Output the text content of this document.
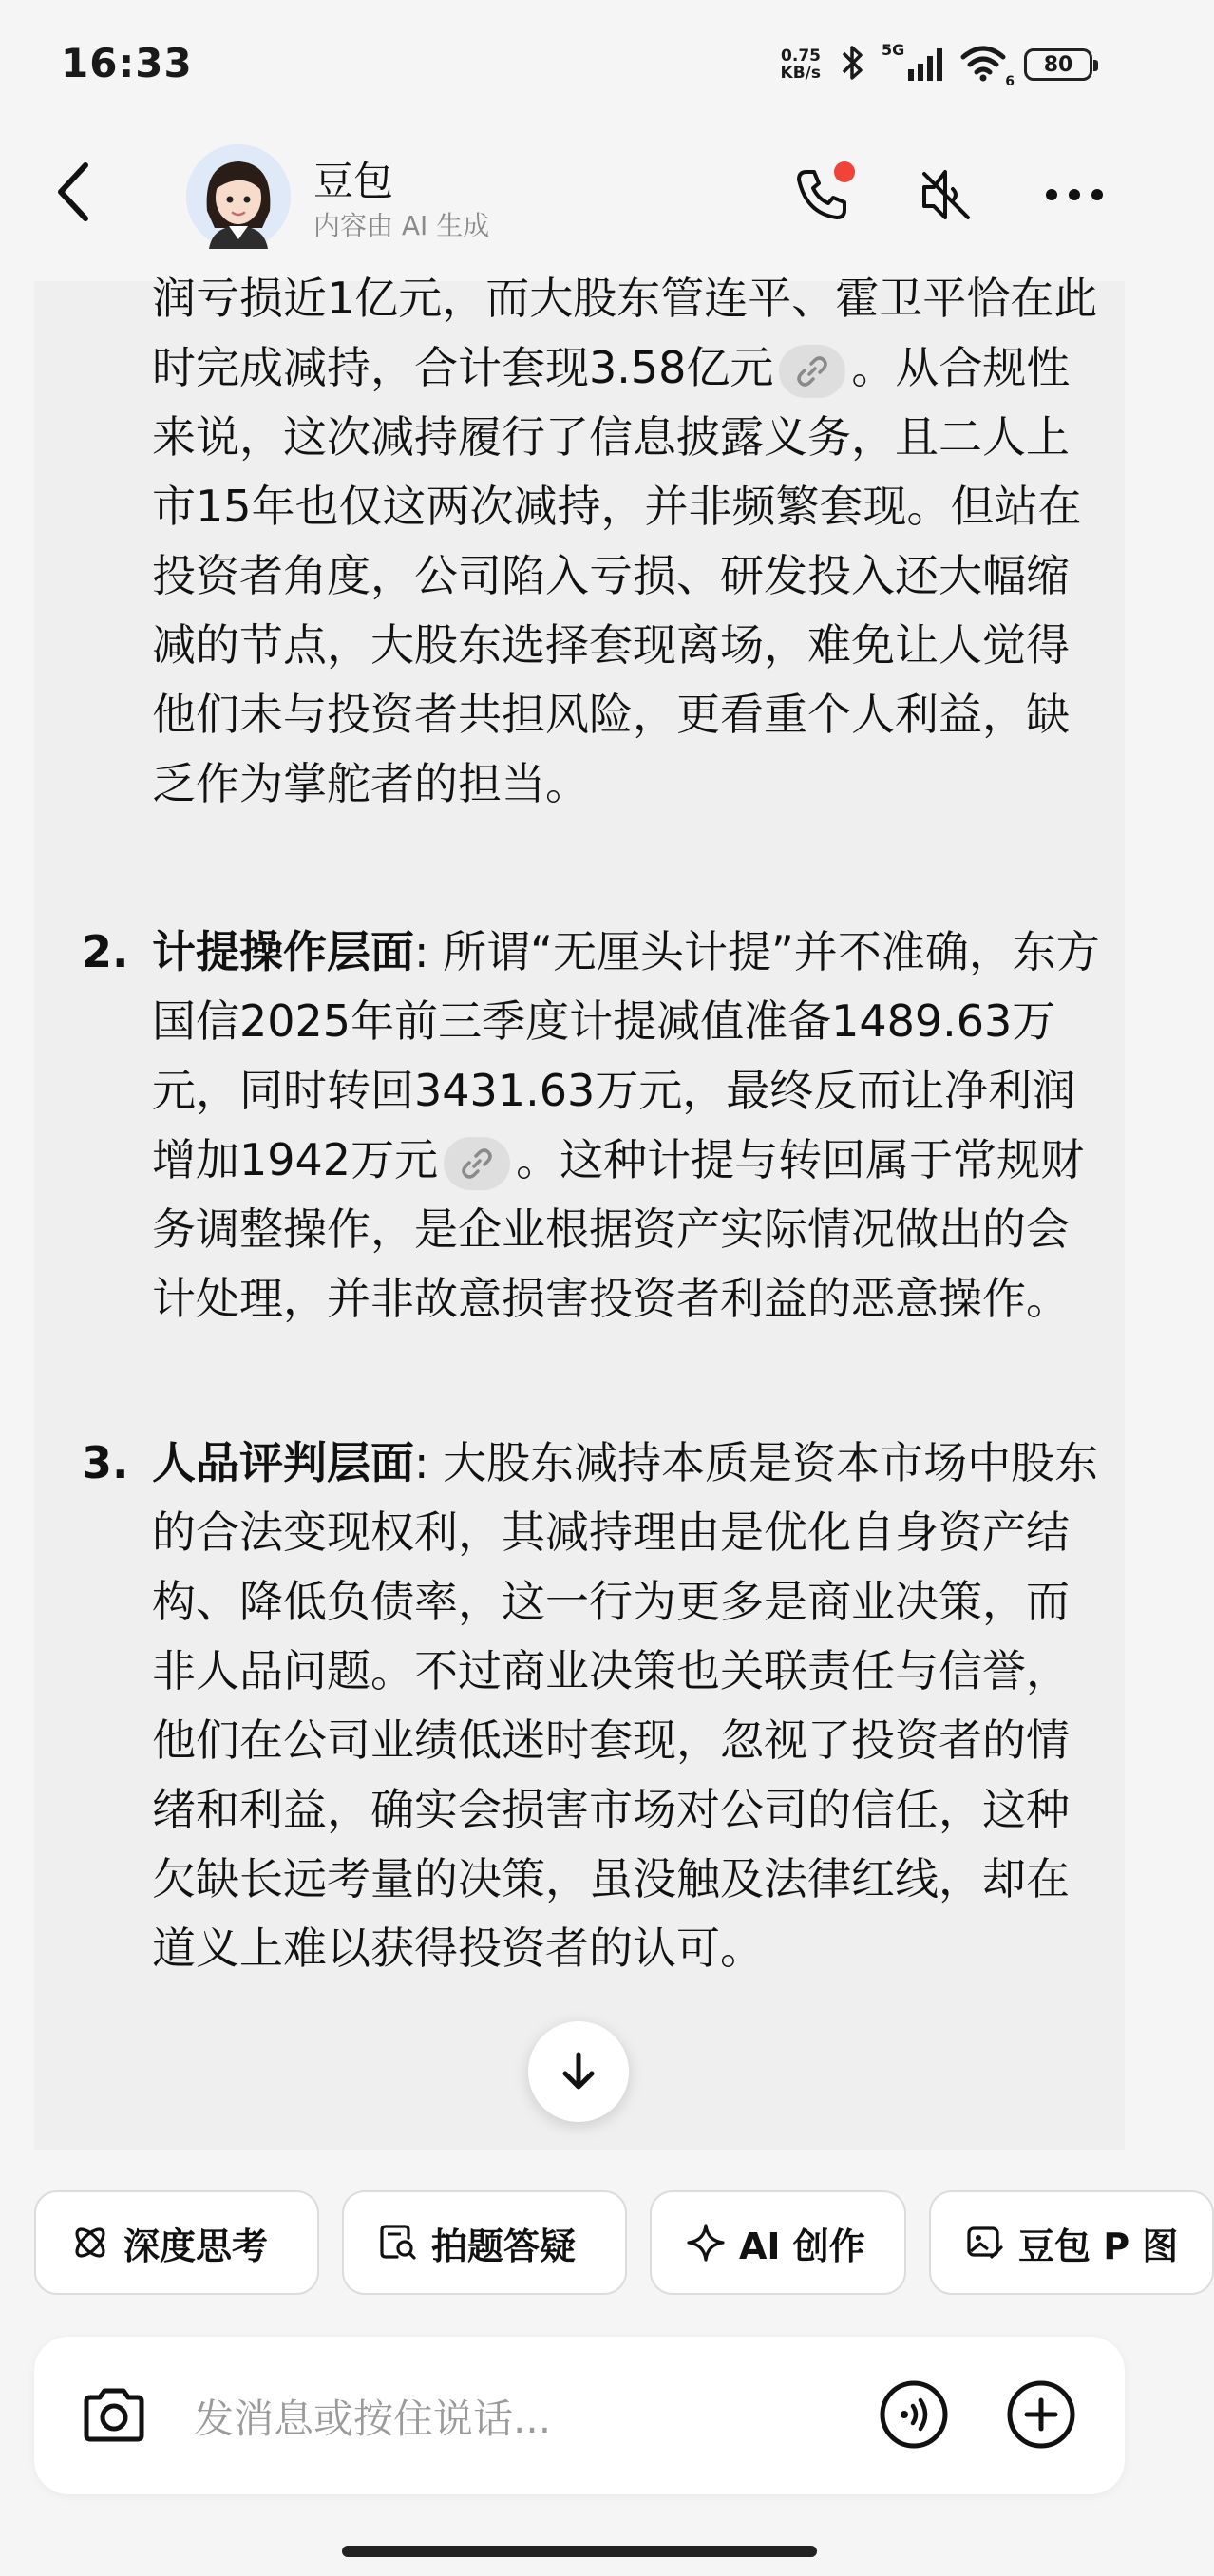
16:33	0.75
KB/s
5G
6
80
豆包
内容由 AI 生成
润亏损近1亿元，而大股东管连平、霍卫平恰在此时完成减持，合计套现3.58亿元 。从合规性来说，这次减持履行了信息披露义务，且二人上市15年也仅这两次减持，并非频繁套现。但站在投资者角度，公司陷入亏损、研发投入还大幅缩减的节点，大股东选择套现离场，难免让人觉得他们未与投资者共担风险，更看重个人利益，缺乏作为掌舵者的担当。
2. 计提操作层面: 所谓“无厘头计提”并不准确，东方国信2025年前三季度计提减值准备1489.63万元，同时转回3431.63万元，最终反而让净利润增加1942万元 。这种计提与转回属于常规财务调整操作，是企业根据资产实际情况做出的会计处理，并非故意损害投资者利益的恶意操作。
3. 人品评判层面: 大股东减持本质是资本市场中股东的合法变现权利，其减持理由是优化自身资产结构、降低负债率，这一行为更多是商业决策，而非人品问题。不过商业决策也关联责任与信誉，他们在公司业绩低迷时套现，忽视了投资者的情绪和利益，确实会损害市场对公司的信任，这种欠缺长远考量的决策，虽没触及法律红线，却在道义上难以获得投资者的认可。
深度思考	拍题答疑	AI 创作	豆包 P 图
发消息或按住说话...
